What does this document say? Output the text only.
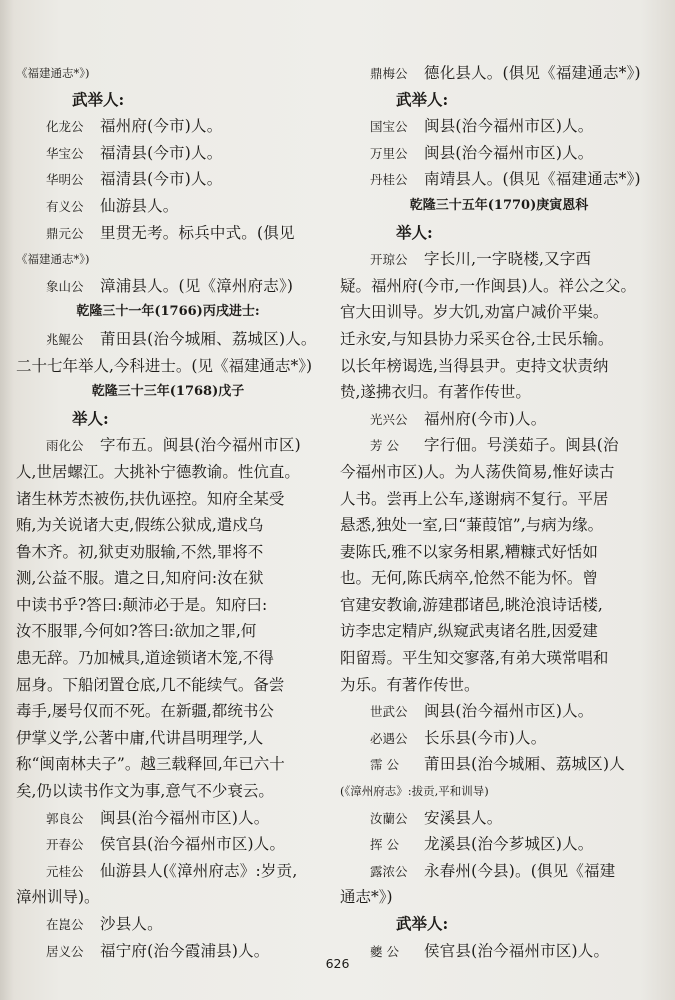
《福建通志*》)
武举人:
化龙公 福州府(今市)人。
华宝公 福清县(今市)人。
华明公 福清县(今市)人。
有义公 仙游县人。
鼎元公 里贯无考。标兵中式。(俱见
《福建通志*》)
象山公 漳浦县人。(见《漳州府志》)
乾隆三十一年(1766)丙戌进士:
兆鲲公 莆田县(治今城厢、荔城区)人。
二十七年举人,今科进士。(见《福建通志*》)
乾隆三十三年(1768)戊子
举人:
雨化公 字布五。闽县(治今福州市区)
人,世居螺江。大挑补宁德教谕。性伉直。
诸生林芳杰被伤,扶仇诬控。知府全某受
贿,为关说诸大吏,假练公狱成,遣戍乌
鲁木齐。初,狱吏劝服输,不然,罪将不
测,公益不服。遣之日,知府问:汝在狱
中读书乎?答曰:颠沛必于是。知府曰:
汝不服罪,今何如?答曰:欲加之罪,何
患无辞。乃加械具,道途锁诸木笼,不得
屈身。下船闭置仓底,几不能续气。备尝
毒手,屡号仅而不死。在新疆,都统书公
伊掌义学,公著中庸,代讲昌明理学,人
称“闽南林夫子”。越三载释回,年已六十
矣,仍以读书作文为事,意气不少衰云。
郭良公 闽县(治今福州市区)人。
开春公 侯官县(治今福州市区)人。
元桂公 仙游县人(《漳州府志》:岁贡,
漳州训导)。
在崑公 沙县人。
居义公 福宁府(治今霞浦县)人。
鼎梅公 德化县人。(俱见《福建通志*》)
武举人:
国宝公 闽县(治今福州市区)人。
万里公 闽县(治今福州市区)人。
丹桂公 南靖县人。(俱见《福建通志*》)
乾隆三十五年(1770)庚寅恩科
举人:
开琼公 字长川,一字晓楼,又字西
疑。福州府(今市,一作闽县)人。祥公之父。
官大田训导。岁大饥,劝富户减价平粜。
迁永安,与知县协力采买仓谷,士民乐输。
以长年榜谒选,当得县尹。吏持文状责纳
贽,遂拂衣归。有著作传世。
光兴公 福州府(今市)人。
芳 公 字行佃。号渼茹子。闽县(治
今福州市区)人。为人荡佚简易,惟好读古
人书。尝再上公车,遂谢病不复行。平居
悬悉,独处一室,曰“蒹葭馆”,与病为缘。
妻陈氏,雅不以家务相累,糟糠式好恬如
也。无何,陈氏病卒,怆然不能为怀。曾
官建安教谕,游建郡诸邑,眺沧浪诗话楼,
访李忠定精庐,纵窥武夷诸名胜,因爱建
阳留焉。平生知交寥落,有弟大瑛常唱和
为乐。有著作传世。
世武公 闽县(治今福州市区)人。
必遇公 长乐县(今市)人。
霈 公 莆田县(治今城厢、荔城区)人
(《漳州府志》:拔贡,平和训导)
汝蘭公 安溪县人。
挥 公 龙溪县(治今芗城区)人。
露浓公 永春州(今县)。(俱见《福建
通志*》)
武举人:
夔 公 侯官县(治今福州市区)人。
626
